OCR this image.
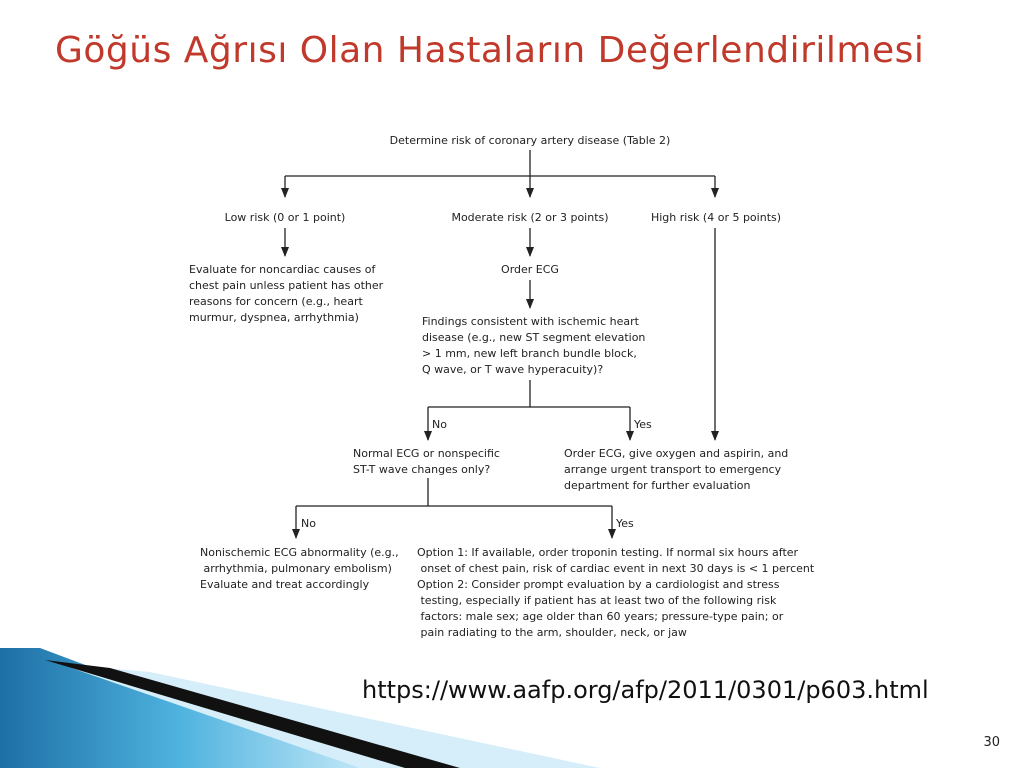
Göğüs Ağrısı Olan Hastaların Değerlendirilmesi
No	Yes
No	Yes
Determine risk of coronary artery disease (Table 2)
Low risk (0 or 1 point)	Moderate risk (2 or 3 points)	High risk (4 or 5 points)
Evaluate for noncardiac causes of chest pain unless patient has other reasons for concern (e.g., heart murmur, dyspnea, arrhythmia)
Order ECG
Findings consistent with ischemic heart disease (e.g., new ST segment elevation > 1 mm, new left branch bundle block, Q wave, or T wave hyperacuity)?
Normal ECG or nonspecific ST-T wave changes only?
Order ECG, give oxygen and aspirin, and arrange urgent transport to emergency department for further evaluation
Nonischemic ECG abnormality (e.g., arrhythmia, pulmonary embolism) Evaluate and treat accordingly
Option 1: If available, order troponin testing. If normal six hours after onset of chest pain, risk of cardiac event in next 30 days is < 1 percent Option 2: Consider prompt evaluation by a cardiologist and stress testing, especially if patient has at least two of the following risk factors: male sex; age older than 60 years; pressure-type pain; or pain radiating to the arm, shoulder, neck, or jaw

https://www.aafp.org/afp/2011/0301/p603.html

30
